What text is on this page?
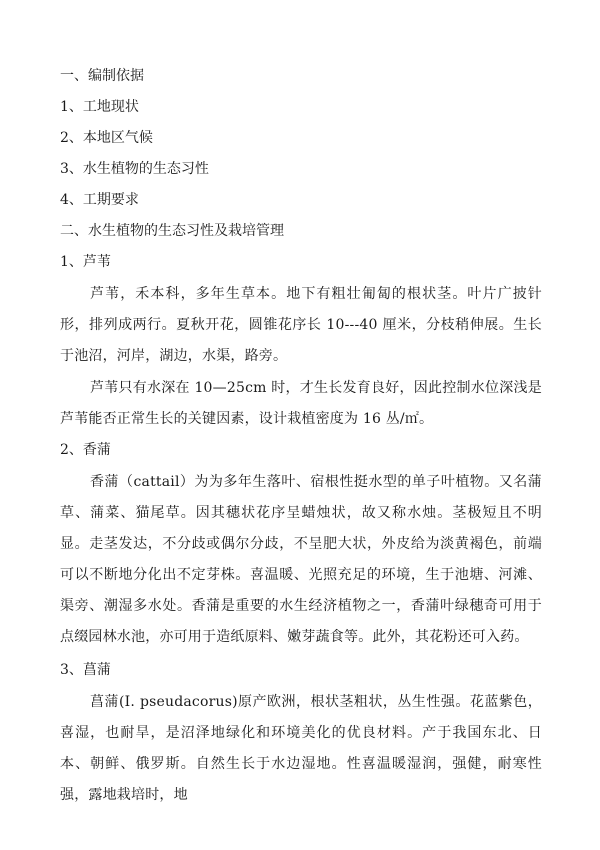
一、编制依据
1、工地现状
2、本地区气候
3、水生植物的生态习性
4、工期要求
二、水生植物的生态习性及栽培管理
1、芦苇
芦苇，禾本科，多年生草本。地下有粗壮匍匐的根状茎。叶片广披针形，排列成两行。夏秋开花，圆锥花序长 10---40 厘米，分枝稍伸展。生长于池沼，河岸，湖边，水渠，路旁。
芦苇只有水深在 10—25cm 时，才生长发育良好，因此控制水位深浅是芦苇能否正常生长的关键因素，设计栽植密度为 16 丛/㎡。
2、香蒲
香蒲（cattail）为为多年生落叶、宿根性挺水型的单子叶植物。又名蒲草、蒲菜、猫尾草。因其穗状花序呈蜡烛状，故又称水烛。茎极短且不明显。走茎发达，不分歧或偶尔分歧，不呈肥大状，外皮给为淡黄褐色，前端可以不断地分化出不定芽株。喜温暖、光照充足的环境，生于池塘、河滩、渠旁、潮湿多水处。香蒲是重要的水生经济植物之一，香蒲叶绿穗奇可用于点缀园林水池，亦可用于造纸原料、嫩芽蔬食等。此外，其花粉还可入药。
3、菖蒲
菖蒲(I. pseudacorus)原产欧洲，根状茎粗状，丛生性强。花蓝紫色，喜湿，也耐旱，是沼泽地绿化和环境美化的优良材料。产于我国东北、日本、朝鲜、俄罗斯。自然生长于水边湿地。性喜温暖湿润，强健，耐寒性强，露地栽培时，地
